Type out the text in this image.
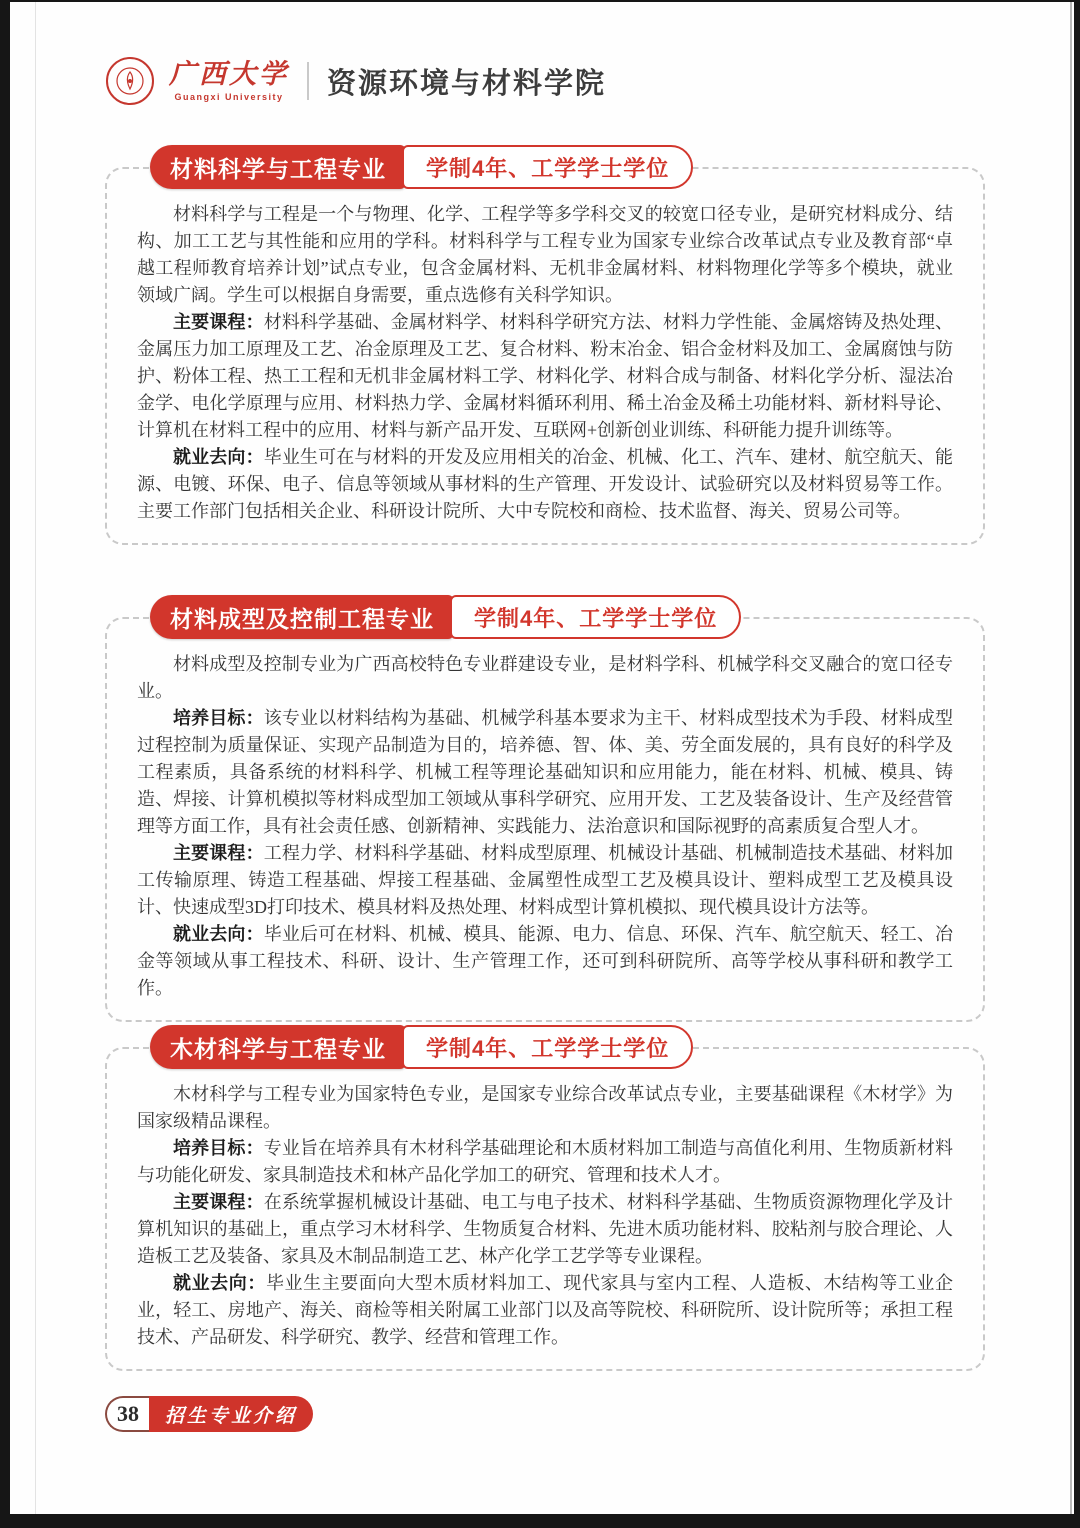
广西大学
Guangxi University 资源环境与材料学院
材料科学与工程专业	学制4年、工学学士学位

材料科学与工程是一个与物理、化学、工程学等多学科交叉的较宽口径专业，是研究材料成分、结构、加工工艺与其性能和应用的学科。材料科学与工程专业为国家专业综合改革试点专业及教育部“卓越工程师教育培养计划”试点专业，包含金属材料、无机非金属材料、材料物理化学等多个模块，就业领域广阔。学生可以根据自身需要，重点选修有关科学知识。

主要课程：材料科学基础、金属材料学、材料科学研究方法、材料力学性能、金属熔铸及热处理、金属压力加工原理及工艺、冶金原理及工艺、复合材料、粉末冶金、铝合金材料及加工、金属腐蚀与防护、粉体工程、热工工程和无机非金属材料工学、材料化学、材料合成与制备、材料化学分析、湿法冶金学、电化学原理与应用、材料热力学、金属材料循环利用、稀土冶金及稀土功能材料、新材料导论、计算机在材料工程中的应用、材料与新产品开发、互联网+创新创业训练、科研能力提升训练等。

就业去向：毕业生可在与材料的开发及应用相关的冶金、机械、化工、汽车、建材、航空航天、能源、电镀、环保、电子、信息等领域从事材料的生产管理、开发设计、试验研究以及材料贸易等工作。主要工作部门包括相关企业、科研设计院所、大中专院校和商检、技术监督、海关、贸易公司等。

材料成型及控制工程专业	学制4年、工学学士学位

材料成型及控制专业为广西高校特色专业群建设专业，是材料学科、机械学科交叉融合的宽口径专业。

培养目标：该专业以材料结构为基础、机械学科基本要求为主干、材料成型技术为手段、材料成型过程控制为质量保证、实现产品制造为目的，培养德、智、体、美、劳全面发展的，具有良好的科学及工程素质，具备系统的材料科学、机械工程等理论基础知识和应用能力，能在材料、机械、模具、铸造、焊接、计算机模拟等材料成型加工领域从事科学研究、应用开发、工艺及装备设计、生产及经营管理等方面工作，具有社会责任感、创新精神、实践能力、法治意识和国际视野的高素质复合型人才。

主要课程：工程力学、材料科学基础、材料成型原理、机械设计基础、机械制造技术基础、材料加工传输原理、铸造工程基础、焊接工程基础、金属塑性成型工艺及模具设计、塑料成型工艺及模具设计、快速成型3D打印技术、模具材料及热处理、材料成型计算机模拟、现代模具设计方法等。

就业去向：毕业后可在材料、机械、模具、能源、电力、信息、环保、汽车、航空航天、轻工、冶金等领域从事工程技术、科研、设计、生产管理工作，还可到科研院所、高等学校从事科研和教学工作。

木材科学与工程专业	学制4年、工学学士学位

木材科学与工程专业为国家特色专业，是国家专业综合改革试点专业，主要基础课程《木材学》为国家级精品课程。

培养目标：专业旨在培养具有木材科学基础理论和木质材料加工制造与高值化利用、生物质新材料与功能化研发、家具制造技术和林产品化学加工的研究、管理和技术人才。

主要课程：在系统掌握机械设计基础、电工与电子技术、材料科学基础、生物质资源物理化学及计算机知识的基础上，重点学习木材科学、生物质复合材料、先进木质功能材料、胶粘剂与胶合理论、人造板工艺及装备、家具及木制品制造工艺、林产化学工艺学等专业课程。

就业去向：毕业生主要面向大型木质材料加工、现代家具与室内工程、人造板、木结构等工业企业，轻工、房地产、海关、商检等相关附属工业部门以及高等院校、科研院所、设计院所等；承担工程技术、产品研发、科学研究、教学、经营和管理工作。

38	招生专业介绍
